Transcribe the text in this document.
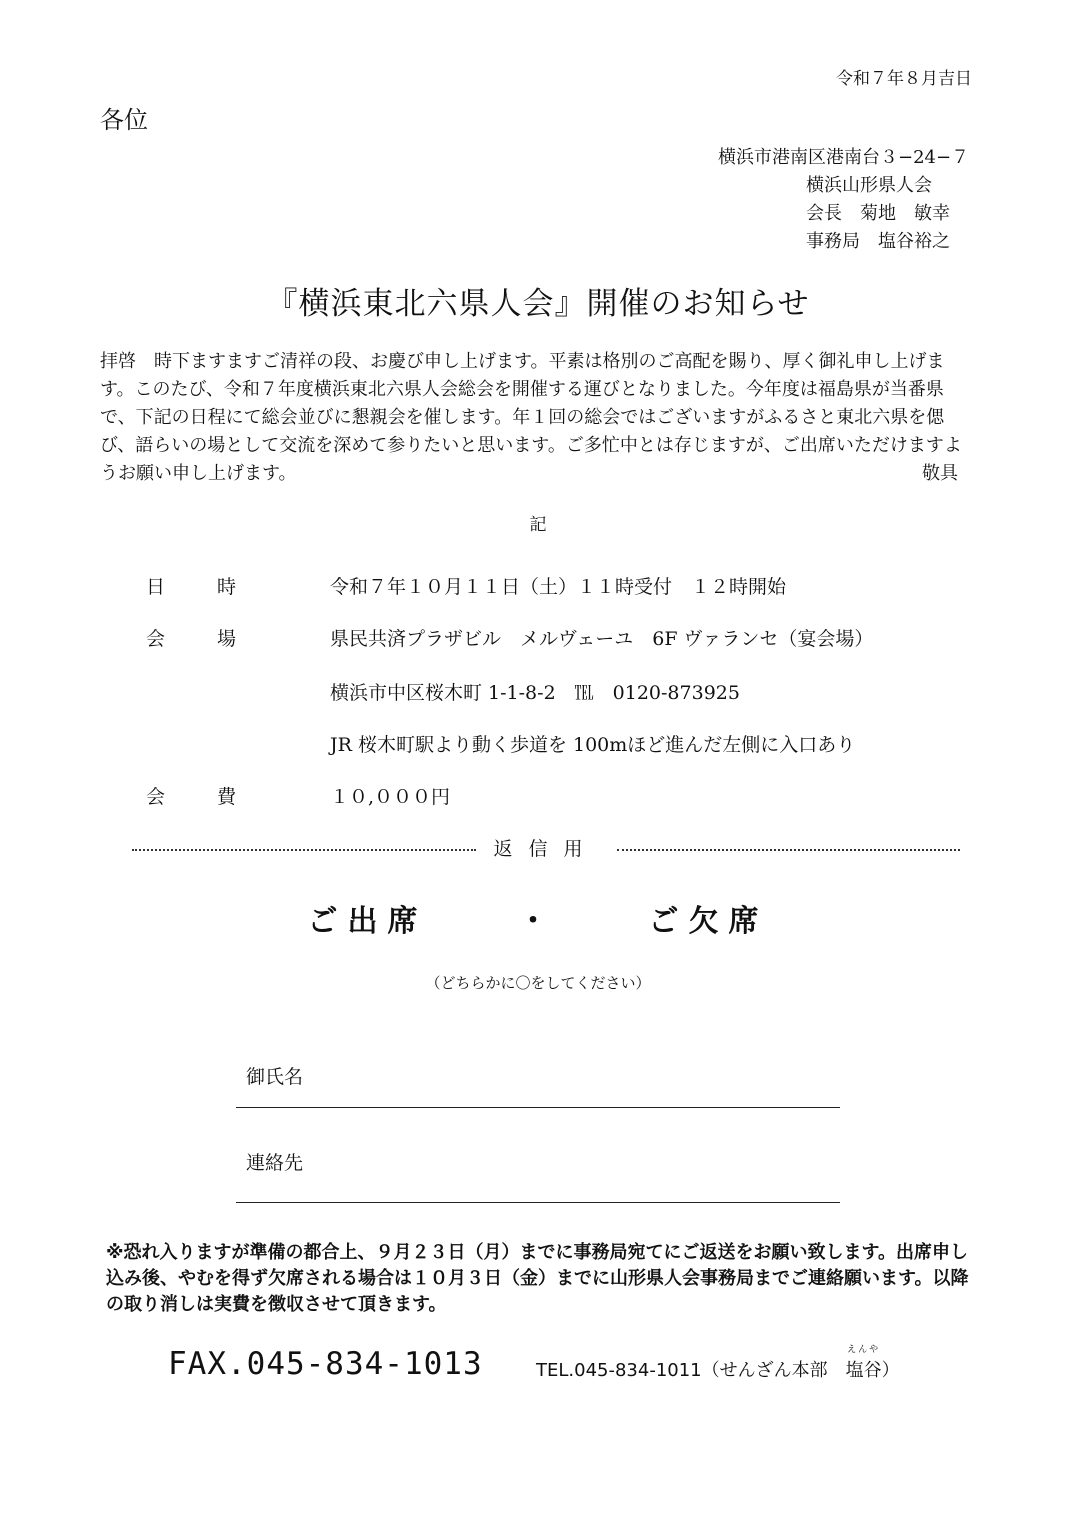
令和７年８月吉日
各位
横浜市港南区港南台３−24−７
横浜山形県人会
会長　菊地　敏幸
事務局　塩谷裕之
『横浜東北六県人会』開催のお知らせ
拝啓　時下ますますご清祥の段、お慶び申し上げます。平素は格別のご高配を賜り、厚く御礼申し上げます。このたび、令和７年度横浜東北六県人会総会を開催する運びとなりました。今年度は福島県が当番県で、下記の日程にて総会並びに懇親会を催します。年１回の総会ではございますがふるさと東北六県を偲び、語らいの場として交流を深めて参りたいと思います。ご多忙中とは存じますが、ご出席いただけますようお願い申し上げます。	敬具
記
日	時	令和７年１０月１１日（土）１１時受付　１２時開始
会	場	県民共済プラザビル　メルヴェーユ　6F ヴァランセ（宴会場）
横浜市中区桜木町 1-1-8-2　℡　0120-873925
JR 桜木町駅より動く歩道を 100mほど進んだ左側に入口あり
会	費	１０,０００円
返信用
ご出席	・	ご欠席
（どちらかに〇をしてください）
御氏名
連絡先
※恐れ入りますが準備の都合上、９月２３日（月）までに事務局宛てにご返送をお願い致します。出席申し込み後、やむを得ず欠席される場合は１０月３日（金）までに山形県人会事務局までご連絡願います。以降の取り消しは実費を徴収させて頂きます。
FAX.045-834-1013	TEL.045-834-1011（せんざん本部　
えんや
塩谷）
